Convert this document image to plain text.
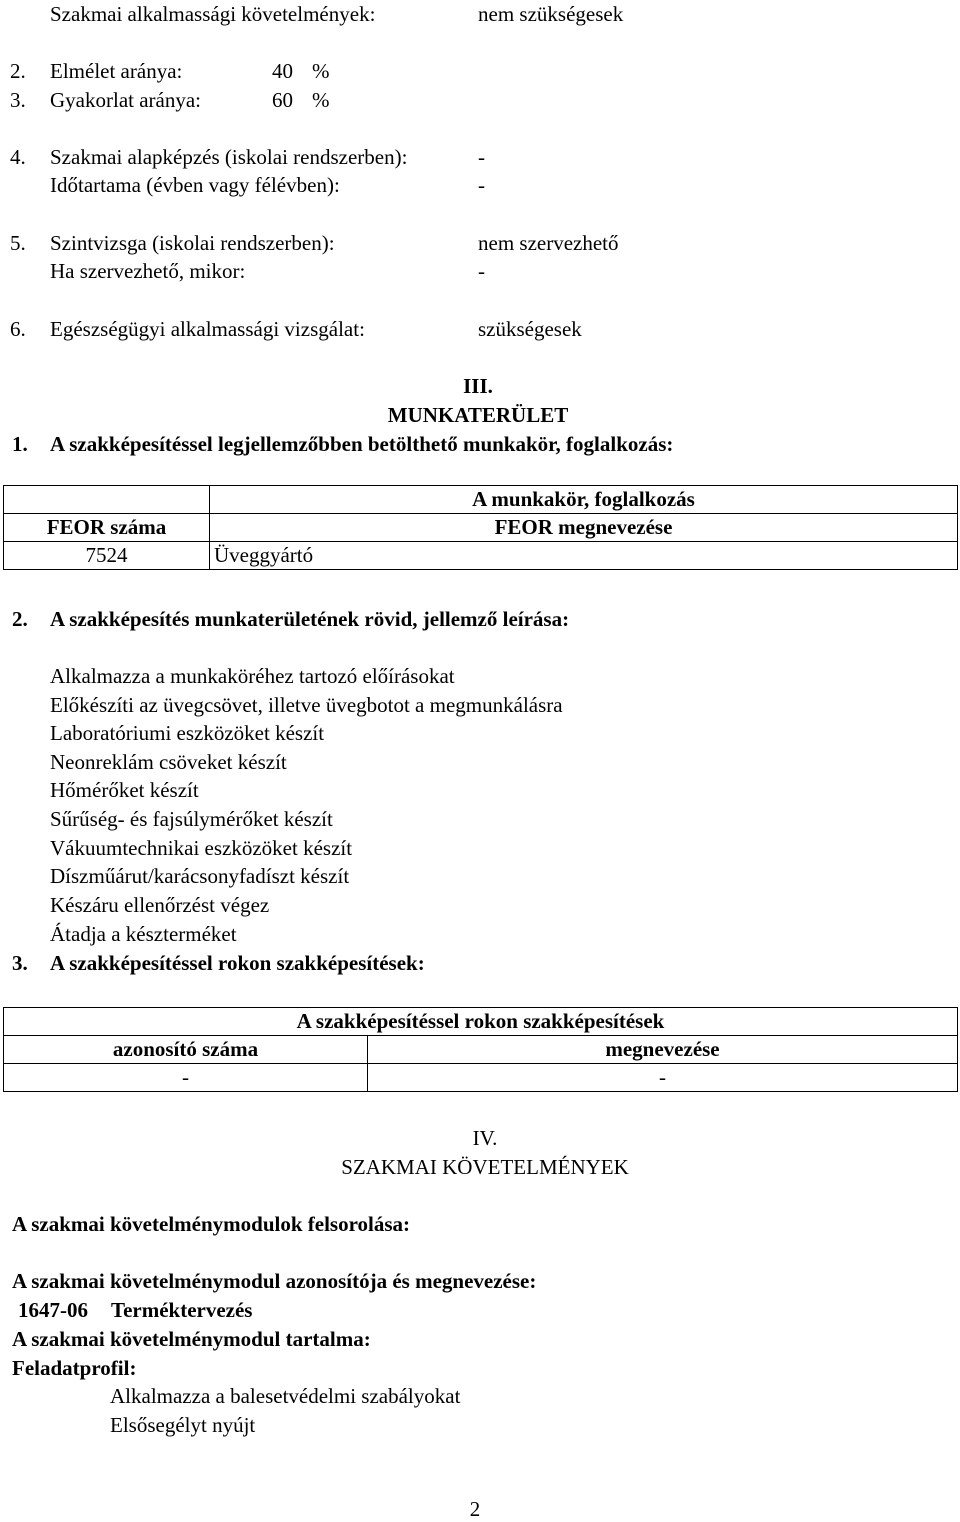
Szakmai alkalmassági követelmények:	nem szükségesek
2. Elmélet aránya:	40 %
3. Gyakorlat aránya:	60 %
4. Szakmai alapképzés (iskolai rendszerben):	-
Időtartama (évben vagy félévben):	-
5. Szintvizsga (iskolai rendszerben):	nem szervezhető
Ha szervezhető, mikor:	-
6. Egészségügyi alkalmassági vizsgálat:	szükségesek
III.
MUNKATERÜLET
1. A szakképesítéssel legjellemzőbben betölthető munkakör, foglalkozás:
	A munkakör, foglalkozás
FEOR száma	FEOR megnevezése
7524	Üveggyártó
2. A szakképesítés munkaterületének rövid, jellemző leírása:
Alkalmazza a munkaköréhez tartozó előírásokat
Előkészíti az üvegcsövet, illetve üvegbotot a megmunkálásra
Laboratóriumi eszközöket készít
Neonreklám csöveket készít
Hőmérőket készít
Sűrűség- és fajsúlymérőket készít
Vákuumtechnikai eszközöket készít
Díszműárut/karácsonyfadíszt készít
Készáru ellenőrzést végez
Átadja a készterméket
3. A szakképesítéssel rokon szakképesítések:
A szakképesítéssel rokon szakképesítések	
azonosító száma	megnevezése
-	-
IV.
SZAKMAI KÖVETELMÉNYEK
A szakmai követelménymodulok felsorolása:
A szakmai követelménymodul azonosítója és megnevezése:
1647-06 Terméktervezés
A szakmai követelménymodul tartalma:
Feladatprofil:
Alkalmazza a balesetvédelmi szabályokat
Elsősegélyt nyújt
2
